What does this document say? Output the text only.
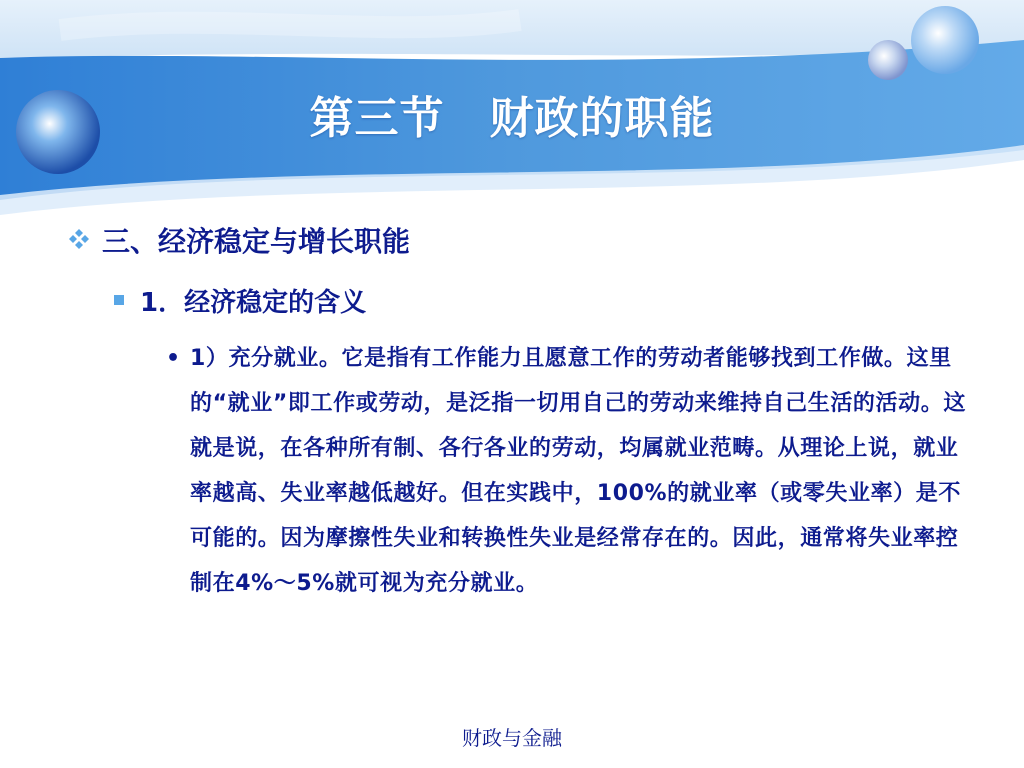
第三节　财政的职能
三、经济稳定与增长职能
1．经济稳定的含义
• 1）充分就业。它是指有工作能力且愿意工作的劳动者能够找到工作做。这里的“就业”即工作或劳动，是泛指一切用自己的劳动来维持自己生活的活动。这就是说，在各种所有制、各行各业的劳动，均属就业范畴。从理论上说，就业率越高、失业率越低越好。但在实践中，100%的就业率（或零失业率）是不可能的。因为摩擦性失业和转换性失业是经常存在的。因此，通常将失业率控制在4%～5%就可视为充分就业。
财政与金融
